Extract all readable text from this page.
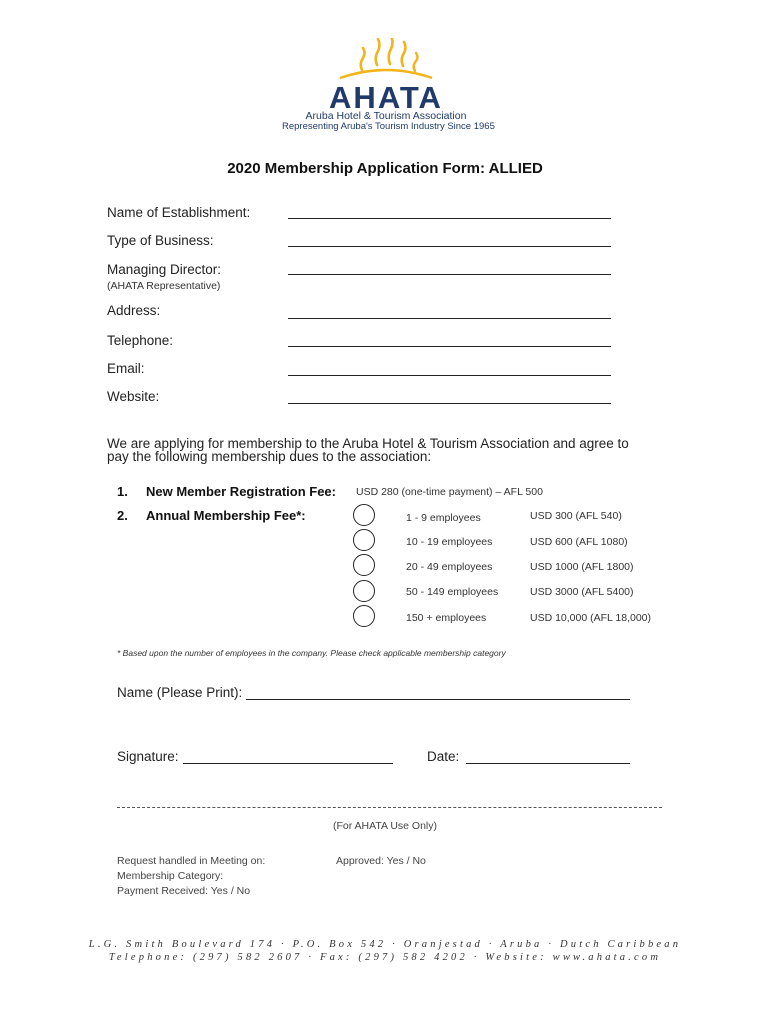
AHATA
Aruba Hotel & Tourism Association
Representing Aruba's Tourism Industry Since 1965
2020 Membership Application Form: ALLIED
Name of Establishment:
Type of Business:
Managing Director:
(AHATA Representative)
Address:
Telephone:
Email:
Website:
We are applying for membership to the Aruba Hotel & Tourism Association and agree to
pay the following membership dues to the association:
1. New Member Registration Fee: USD 280 (one-time payment) – AFL 500
2. Annual Membership Fee*:	1 - 9 employees	USD 300 (AFL 540)
10 - 19 employees	USD 600 (AFL 1080)
20 - 49 employees	USD 1000 (AFL 1800)
50 - 149 employees	USD 3000 (AFL 5400)
150 + employees	USD 10,000 (AFL 18,000)
* Based upon the number of employees in the company. Please check applicable membership category
Name (Please Print):
Signature:	Date:
(For AHATA Use Only)
Request handled in Meeting on:	Approved: Yes / No
Membership Category:
Payment Received: Yes / No
L.G. Smith Boulevard 174 · P.O. Box 542 · Oranjestad · Aruba · Dutch Caribbean
Telephone: (297) 582 2607 · Fax: (297) 582 4202 · Website: www.ahata.com
